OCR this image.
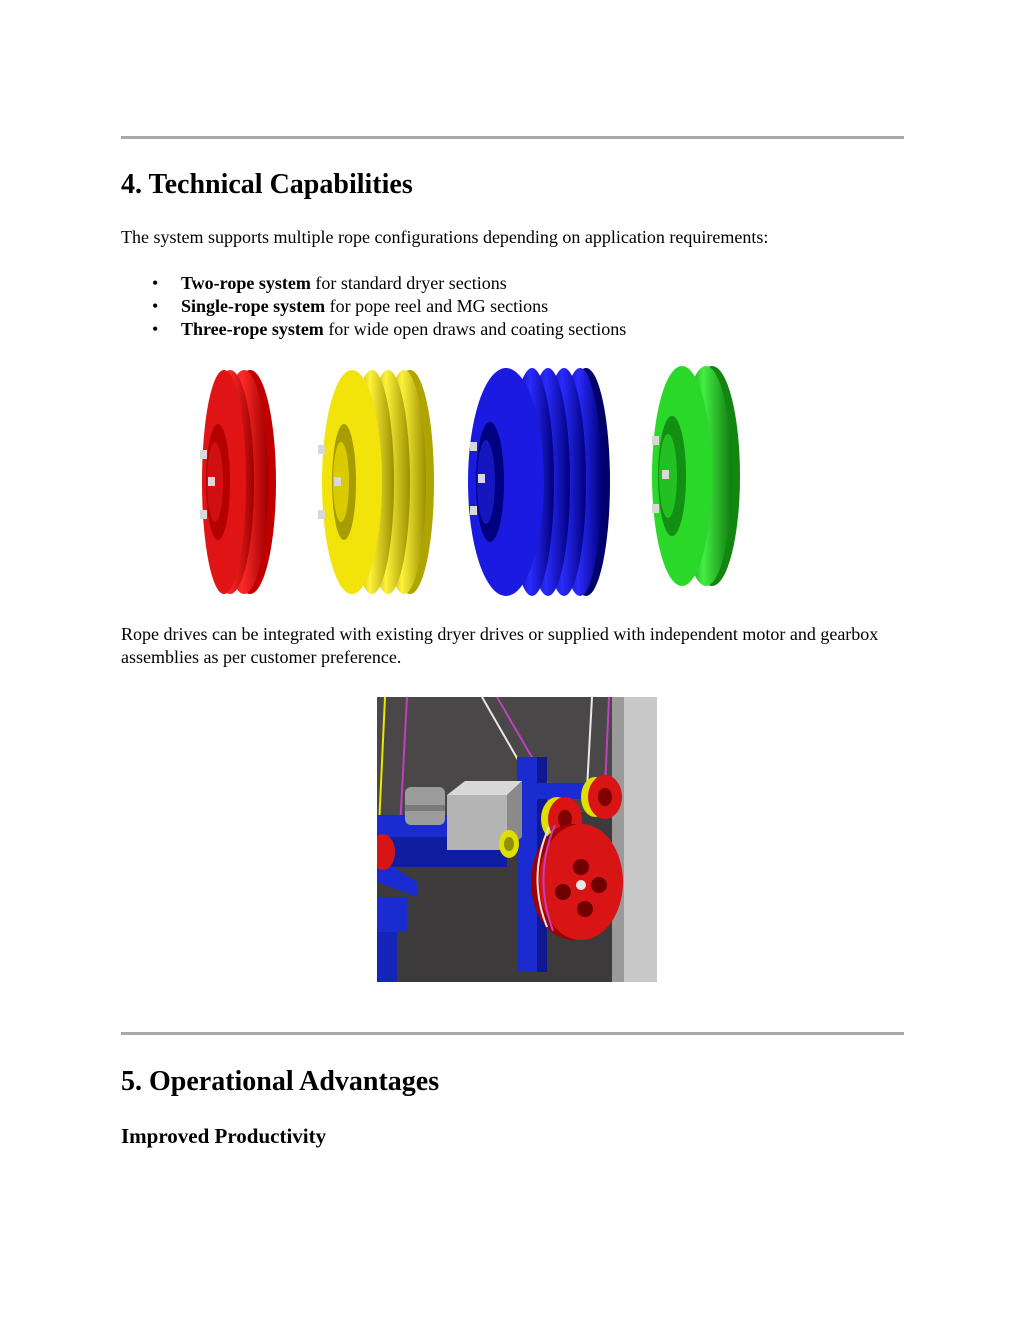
4. Technical Capabilities

The system supports multiple rope configurations depending on application requirements:

• Two-rope system for standard dryer sections
• Single-rope system for pope reel and MG sections
• Three-rope system for wide open draws and coating sections

Rope drives can be integrated with existing dryer drives or supplied with independent motor and gearbox assemblies as per customer preference.

5. Operational Advantages
Improved Productivity
